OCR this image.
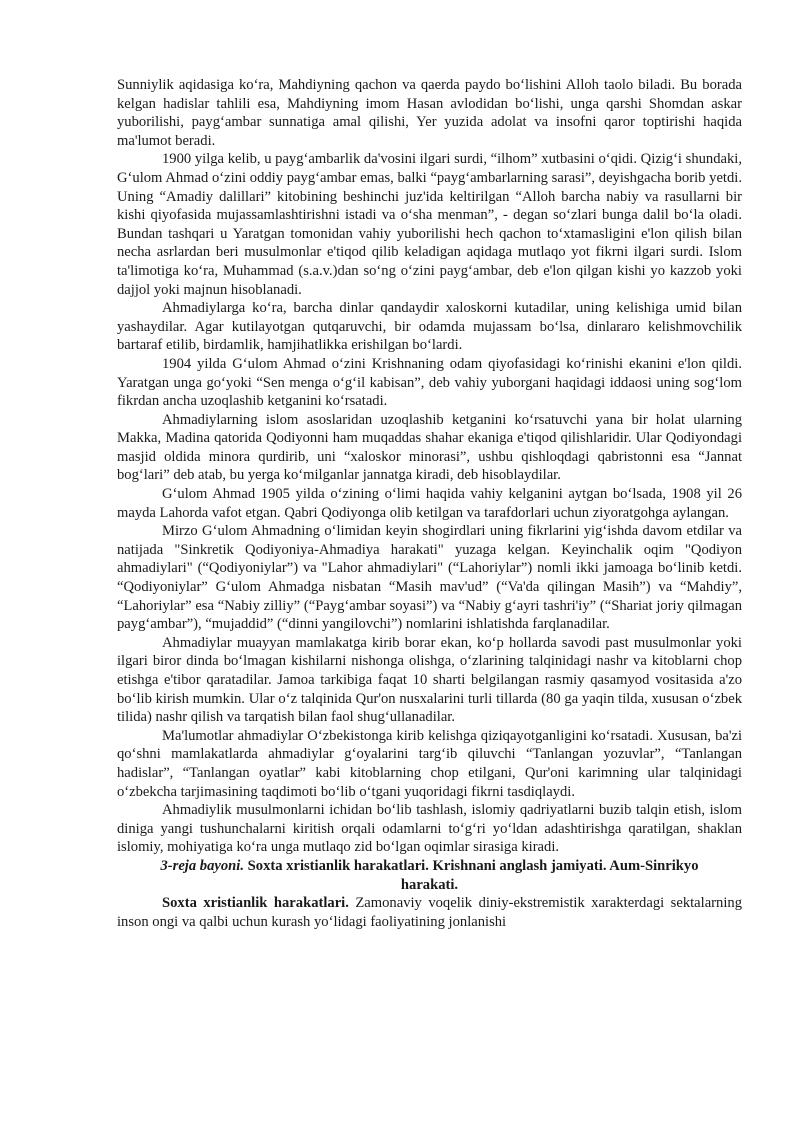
Sunniylik aqidasiga ko‘ra, Mahdiyning qachon va qaerda paydo bo‘lishini Alloh taolo biladi. Bu borada kelgan hadislar tahlili esa, Mahdiyning imom Hasan avlodidan bo‘lishi, unga qarshi Shomdan askar yuborilishi, payg‘ambar sunnatiga amal qilishi, Yer yuzida adolat va insofni qaror toptirishi haqida ma'lumot beradi.

1900 yilga kelib, u payg‘ambarlik da'vosini ilgari surdi, “ilhom” xutbasini o‘qidi. Qizig‘i shundaki, G‘ulom Ahmad o‘zini oddiy payg‘ambar emas, balki “payg‘ambarlarning sarasi”, deyishgacha borib yetdi. Uning “Amadiy dalillari” kitobining beshinchi juz'ida keltirilgan “Alloh barcha nabiy va rasullarni bir kishi qiyofasida mujassamlashtirishni istadi va o‘sha menman”, - degan so‘zlari bunga dalil bo‘la oladi. Bundan tashqari u Yaratgan tomonidan vahiy yuborilishi hech qachon to‘xtamasligini e'lon qilish bilan necha asrlardan beri musulmonlar e'tiqod qilib keladigan aqidaga mutlaqo yot fikrni ilgari surdi. Islom ta'limotiga ko‘ra, Muhammad (s.a.v.)dan so‘ng o‘zini payg‘ambar, deb e'lon qilgan kishi yo kazzob yoki dajjol yoki majnun hisoblanadi.

Ahmadiylarga ko‘ra, barcha dinlar qandaydir xaloskorni kutadilar, uning kelishiga umid bilan yashaydilar. Agar kutilayotgan qutqaruvchi, bir odamda mujassam bo‘lsa, dinlararo kelishmovchilik bartaraf etilib, birdamlik, hamjihatlikka erishilgan bo‘lardi.

1904 yilda G‘ulom Ahmad o‘zini Krishnaning odam qiyofasidagi ko‘rinishi ekanini e'lon qildi. Yaratgan unga go‘yoki “Sen menga o‘g‘il kabisan”, deb vahiy yuborgani haqidagi iddaosi uning sog‘lom fikrdan ancha uzoqlashib ketganini ko‘rsatadi.

Ahmadiylarning islom asoslaridan uzoqlashib ketganini ko‘rsatuvchi yana bir holat ularning Makka, Madina qatorida Qodiyonni ham muqaddas shahar ekaniga e'tiqod qilishlaridir. Ular Qodiyondagi masjid oldida minora qurdirib, uni “xaloskor minorasi”, ushbu qishloqdagi qabristonni esa “Jannat bog‘lari” deb atab, bu yerga ko‘milganlar jannatga kiradi, deb hisoblaydilar.

G‘ulom Ahmad 1905 yilda o‘zining o‘limi haqida vahiy kelganini aytgan bo‘lsada, 1908 yil 26 mayda Lahorda vafot etgan. Qabri Qodiyonga olib ketilgan va tarafdorlari uchun ziyoratgohga aylangan.

Mirzo G‘ulom Ahmadning o‘limidan keyin shogirdlari uning fikrlarini yig‘ishda davom etdilar va natijada "Sinkretik Qodiyoniya-Ahmadiya harakati" yuzaga kelgan. Keyinchalik oqim "Qodiyon ahmadiylari" (“Qodiyoniylar”) va "Lahor ahmadiylari" (“Lahoriylar”) nomli ikki jamoaga bo‘linib ketdi. “Qodiyoniylar” G‘ulom Ahmadga nisbatan “Masih mav'ud” (“Va'da qilingan Masih”) va “Mahdiy”, “Lahoriylar” esa “Nabiy zilliy” (“Payg‘ambar soyasi”) va “Nabiy g‘ayri tashri'iy” (“Shariat joriy qilmagan payg‘ambar”), “mujaddid” (“dinni yangilovchi”) nomlarini ishlatishda farqlanadilar.

Ahmadiylar muayyan mamlakatga kirib borar ekan, ko‘p hollarda savodi past musulmonlar yoki ilgari biror dinda bo‘lmagan kishilarni nishonga olishga, o‘zlarining talqinidagi nashr va kitoblarni chop etishga e'tibor qaratadilar. Jamoa tarkibiga faqat 10 sharti belgilangan rasmiy qasamyod vositasida a'zo bo‘lib kirish mumkin. Ular o‘z talqinida Qur'on nusxalarini turli tillarda (80 ga yaqin tilda, xususan o‘zbek tilida) nashr qilish va tarqatish bilan faol shug‘ullanadilar.

Ma'lumotlar ahmadiylar O‘zbekistonga kirib kelishga qiziqayotganligini ko‘rsatadi. Xususan, ba'zi qo‘shni mamlakatlarda ahmadiylar g‘oyalarini targ‘ib qiluvchi “Tanlangan yozuvlar”, “Tanlangan hadislar”, “Tanlangan oyatlar” kabi kitoblarning chop etilgani, Qur'oni karimning ular talqinidagi o‘zbekcha tarjimasining taqdimoti bo‘lib o‘tgani yuqoridagi fikrni tasdiqlaydi.

Ahmadiylik musulmonlarni ichidan bo‘lib tashlash, islomiy qadriyatlarni buzib talqin etish, islom diniga yangi tushunchalarni kiritish orqali odamlarni to‘g‘ri yo‘ldan adashtirishga qaratilgan, shaklan islomiy, mohiyatiga ko‘ra unga mutlaqo zid bo‘lgan oqimlar sirasiga kiradi.

3-reja bayoni. Soxta xristianlik harakatlari. Krishnani anglash jamiyati. Aum-Sinrikyo harakati.

Soxta xristianlik harakatlari. Zamonaviy voqelik diniy-ekstremistik xarakterdagi sektalarning inson ongi va qalbi uchun kurash yo‘lidagi faoliyatining jonlanishi
